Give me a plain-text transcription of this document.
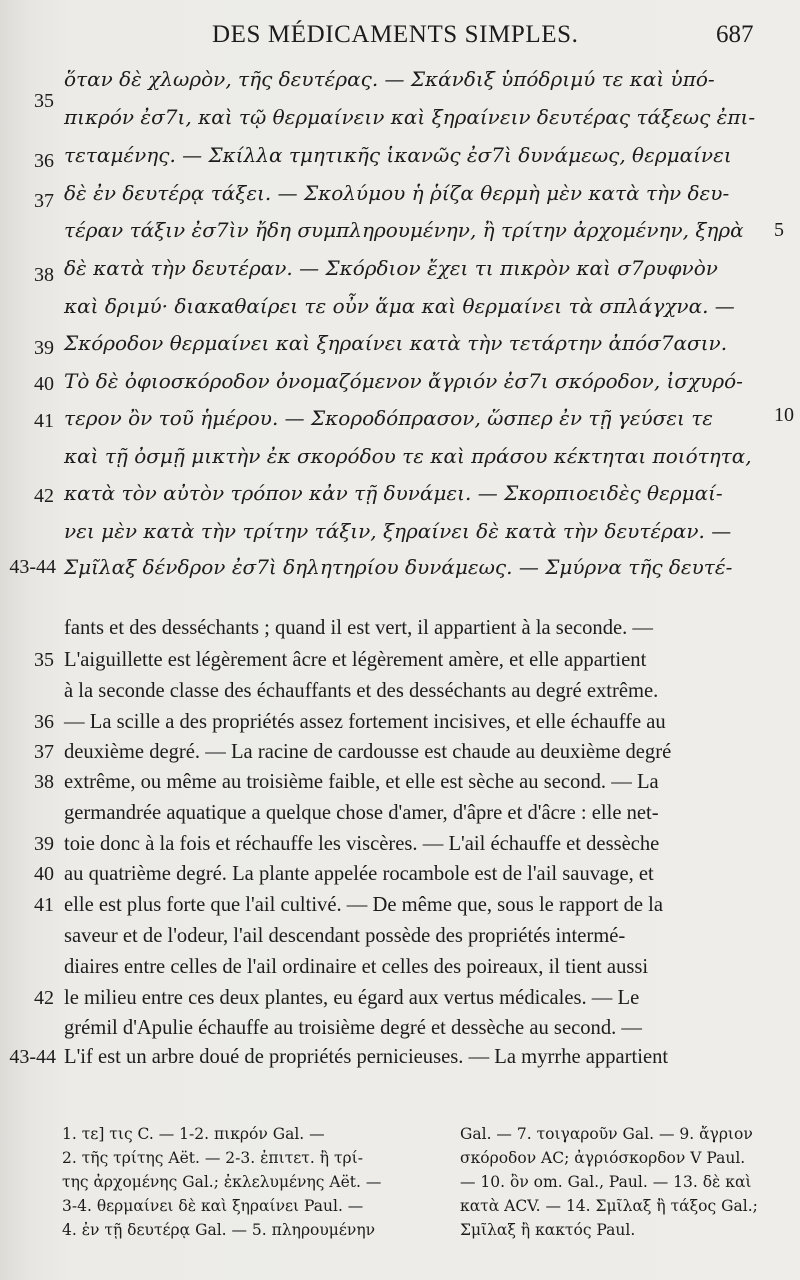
DES MÉDICAMENTS SIMPLES.	687
35
ὅταν δὲ χλωρὸν, τῆς δευτέρας. — Σκάνδιξ ὑπόδριμύ τε καὶ ὑπό-
πικρόν ἐσ7ι, καὶ τῷ θερμαίνειν καὶ ξηραίνειν δευτέρας τάξεως ἐπι-
36 τεταμένης. — Σκίλλα τμητικῆς ἱκανῶς ἐσ7ὶ δυνάμεως, θερμαίνει
37 δὲ ἐν δευτέρᾳ τάξει. — Σκολύμου ἡ ῥίζα θερμὴ μὲν κατὰ τὴν δευ-
τέραν τάξιν ἐσ7ὶν ἤδη συμπληρουμένην, ἢ τρίτην ἀρχομένην, ξηρὰ 5
38 δὲ κατὰ τὴν δευτέραν. — Σκόρδιον ἔχει τι πικρὸν καὶ σ7ρυφνὸν
καὶ δριμύ· διακαθαίρει τε οὖν ἅμα καὶ θερμαίνει τὰ σπλάγχνα. —
39 Σκόροδον θερμαίνει καὶ ξηραίνει κατὰ τὴν τετάρτην ἀπόσ7ασιν.
40 Τὸ δὲ ὀφιοσκόροδον ὀνομαζόμενον ἄγριόν ἐσ7ι σκόροδον, ἰσχυρό-
41 τερον ὂν τοῦ ἡμέρου. — Σκοροδόπρασον, ὥσπερ ἐν τῇ γεύσει τε	10
καὶ τῇ ὀσμῇ μικτὴν ἐκ σκορόδου τε καὶ πράσου κέκτηται ποιότητα,
42 κατὰ τὸν αὐτὸν τρόπον κἀν τῇ δυνάμει. — Σκορπιοειδὲς θερμαί-
νει μὲν κατὰ τὴν τρίτην τάξιν, ξηραίνει δὲ κατὰ τὴν δευτέραν. —
43-44 Σμῖλαξ δένδρον ἐσ7ὶ δηλητηρίου δυνάμεως. — Σμύρνα τῆς δευτέ-
fants et des desséchants ; quand il est vert, il appartient à la seconde. —
35 L'aiguillette est légèrement âcre et légèrement amère, et elle appartient
à la seconde classe des échauffants et des desséchants au degré extrême.
36 — La scille a des propriétés assez fortement incisives, et elle échauffe au
37 deuxième degré. — La racine de cardousse est chaude au deuxième degré
38 extrême, ou même au troisième faible, et elle est sèche au second. — La
germandrée aquatique a quelque chose d'amer, d'âpre et d'âcre : elle net-
39 toie donc à la fois et réchauffe les viscères. — L'ail échauffe et dessèche
40 au quatrième degré. La plante appelée rocambole est de l'ail sauvage, et
41 elle est plus forte que l'ail cultivé. — De même que, sous le rapport de la
saveur et de l'odeur, l'ail descendant possède des propriétés intermé-
diaires entre celles de l'ail ordinaire et celles des poireaux, il tient aussi
42 le milieu entre ces deux plantes, eu égard aux vertus médicales. — Le
grémil d'Apulie échauffe au troisième degré et dessèche au second. —
43-44 L'if est un arbre doué de propriétés pernicieuses. — La myrrhe appartient
1. τε] τις C. — 1-2. πικρόν Gal. —
2. τῆς τρίτης Aët. — 2-3. ἐπιτετ. ἢ τρί-
της ἀρχομένης Gal.; ἐκλελυμένης Aët. —
3-4. θερμαίνει δὲ καὶ ξηραίνει Paul. —
4. ἐν τῇ δευτέρᾳ Gal. — 5. πληρουμένην
Gal. — 7. τοιγαροῦν Gal. — 9. ἄγριον
σκόροδον AC; ἀγριόσκορδον V Paul.
— 10. ὂν om. Gal., Paul. — 13. δὲ καὶ
κατὰ ACV. — 14. Σμῖλαξ ἢ τάξος Gal.;
Σμῖλαξ ἢ κακτός Paul.
